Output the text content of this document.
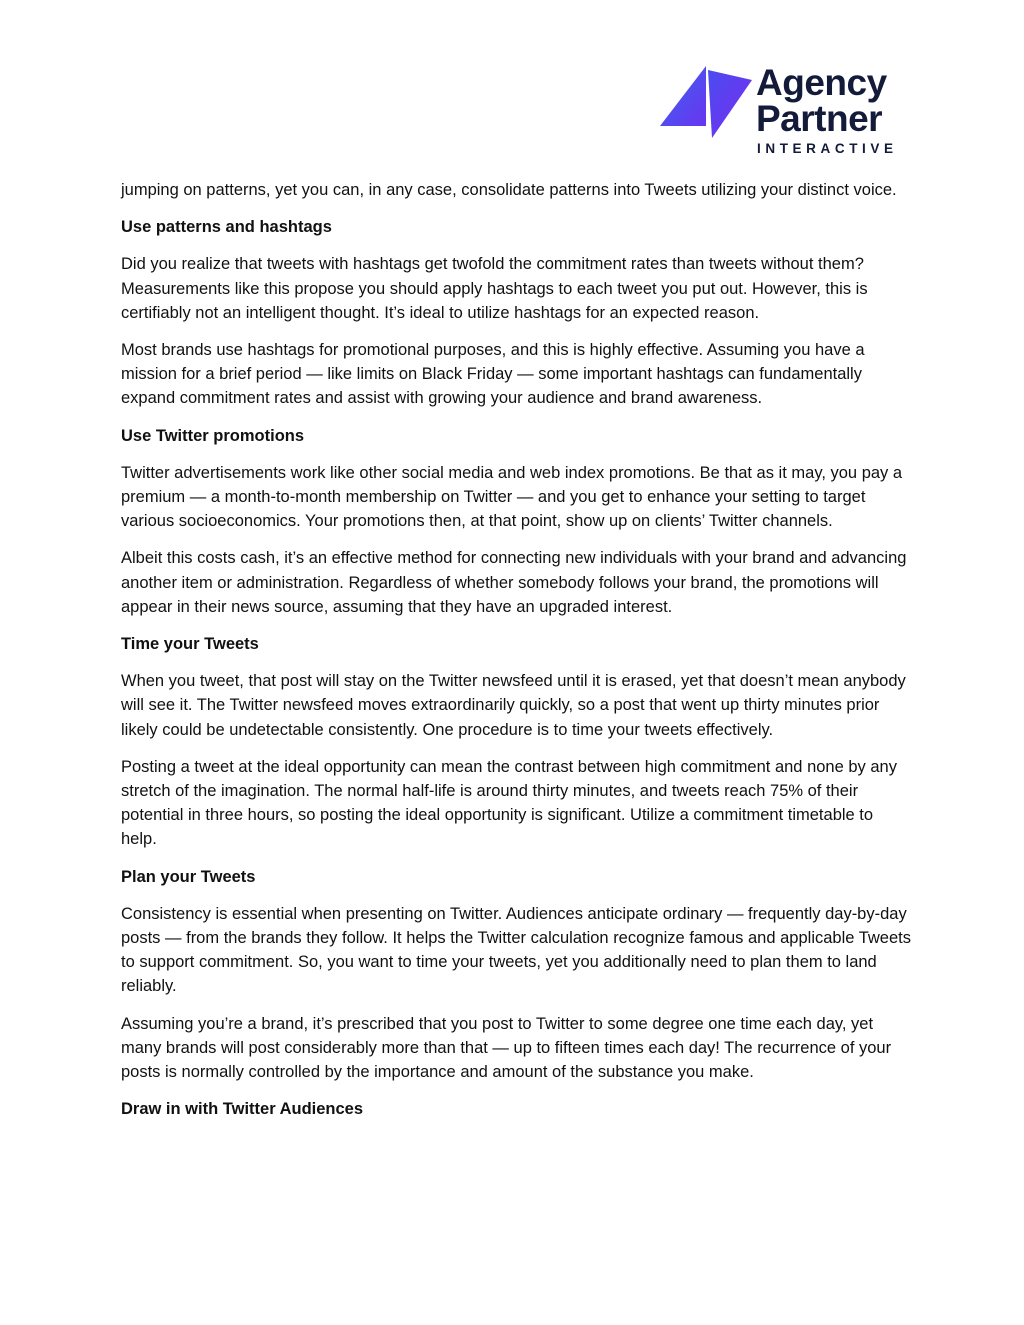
Agency
Partner
INTERACTIVE

jumping on patterns, yet you can, in any case, consolidate patterns into Tweets utilizing your distinct voice.

Use patterns and hashtags

Did you realize that tweets with hashtags get twofold the commitment rates than tweets without them? Measurements like this propose you should apply hashtags to each tweet you put out. However, this is certifiably not an intelligent thought. It’s ideal to utilize hashtags for an expected reason.

Most brands use hashtags for promotional purposes, and this is highly effective. Assuming you have a mission for a brief period — like limits on Black Friday — some important hashtags can fundamentally expand commitment rates and assist with growing your audience and brand awareness.

Use Twitter promotions

Twitter advertisements work like other social media and web index promotions. Be that as it may, you pay a premium — a month-to-month membership on Twitter — and you get to enhance your setting to target various socioeconomics. Your promotions then, at that point, show up on clients’ Twitter channels.

Albeit this costs cash, it’s an effective method for connecting new individuals with your brand and advancing another item or administration. Regardless of whether somebody follows your brand, the promotions will appear in their news source, assuming that they have an upgraded interest.

Time your Tweets

When you tweet, that post will stay on the Twitter newsfeed until it is erased, yet that doesn’t mean anybody will see it. The Twitter newsfeed moves extraordinarily quickly, so a post that went up thirty minutes prior likely could be undetectable consistently. One procedure is to time your tweets effectively.

Posting a tweet at the ideal opportunity can mean the contrast between high commitment and none by any stretch of the imagination. The normal half-life is around thirty minutes, and tweets reach 75% of their potential in three hours, so posting the ideal opportunity is significant. Utilize a commitment timetable to help.

Plan your Tweets

Consistency is essential when presenting on Twitter. Audiences anticipate ordinary — frequently day-by-day posts — from the brands they follow. It helps the Twitter calculation recognize famous and applicable Tweets to support commitment. So, you want to time your tweets, yet you additionally need to plan them to land reliably.

Assuming you’re a brand, it’s prescribed that you post to Twitter to some degree one time each day, yet many brands will post considerably more than that — up to fifteen times each day! The recurrence of your posts is normally controlled by the importance and amount of the substance you make.

Draw in with Twitter Audiences
